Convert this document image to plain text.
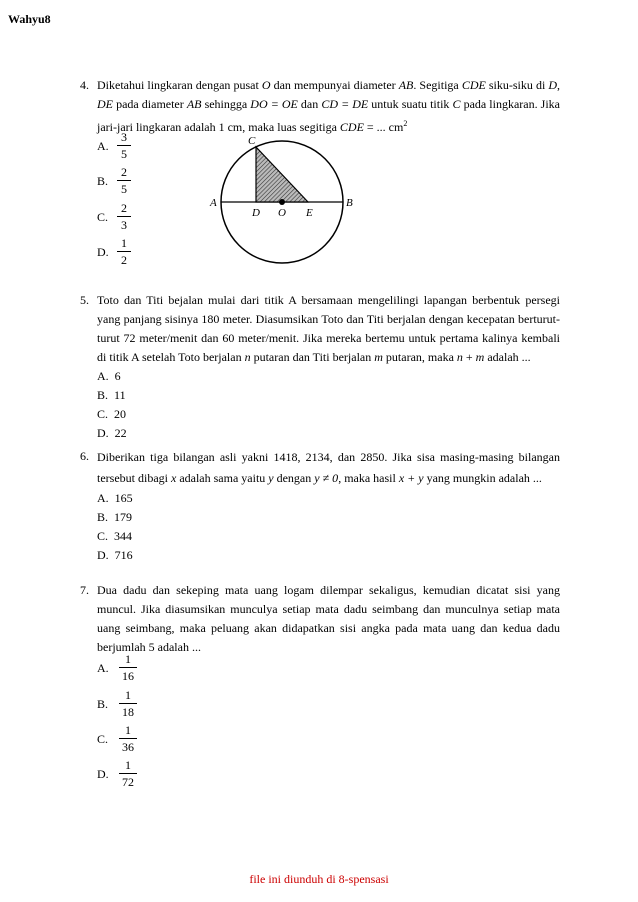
Wahyu8
4. Diketahui lingkaran dengan pusat O dan mempunyai diameter AB. Segitiga CDE siku-siku di D, DE pada diameter AB sehingga DO = OE dan CD = DE untuk suatu titik C pada lingkaran. Jika jari-jari lingkaran adalah 1 cm, maka luas segitiga CDE = ... $cm^2$
A.
3
5
B.
2
5
C.
2
3
D.
1
2
A	B
C
D O E
5. Toto dan Titi bejalan mulai dari titik A bersamaan mengelilingi lapangan berbentuk persegi yang panjang sisinya 180 meter. Diasumsikan Toto dan Titi berjalan dengan kecepatan berturut-turut 72 meter/menit dan 60 meter/menit. Jika mereka bertemu untuk pertama kalinya kembali di titik A setelah Toto berjalan n putaran dan Titi berjalan m putaran, maka n + m adalah ...
A. 6
B. 11
C. 20
D. 22
6. Diberikan tiga bilangan asli yakni 1418, 2134, dan 2850. Jika sisa masing-masing bilangan tersebut dibagi x adalah sama yaitu y dengan y ≠ 0, maka hasil x + y yang mungkin adalah ...
A. 165
B. 179
C. 344
D. 716
7. Dua dadu dan sekeping mata uang logam dilempar sekaligus, kemudian dicatat sisi yang muncul. Jika diasumsikan munculya setiap mata dadu seimbang dan munculnya setiap mata uang seimbang, maka peluang akan didapatkan sisi angka pada mata uang dan kedua dadu berjumlah 5 adalah ...
A.
1
16
B.
1
18
C.
1
36
D.
1
72
file ini diunduh di 8-spensasi
